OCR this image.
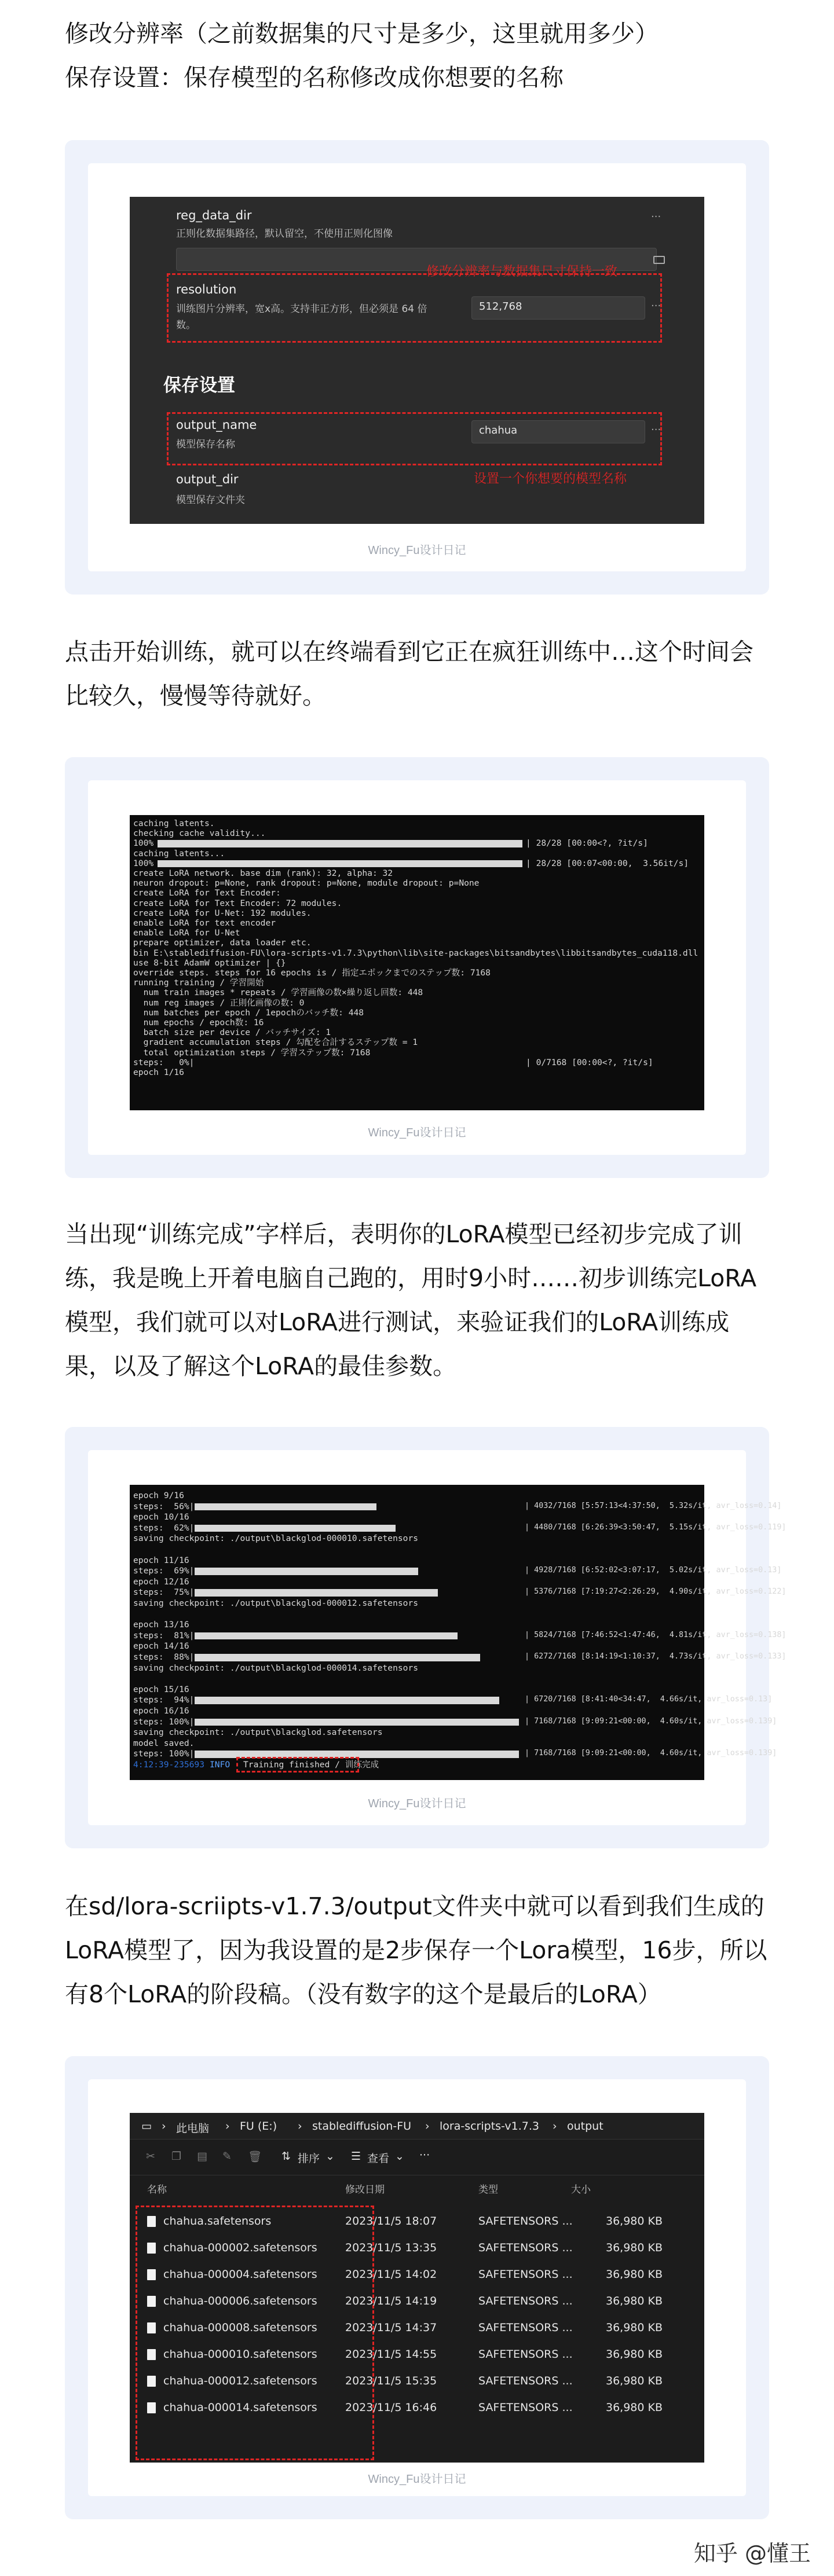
修改分辨率（之前数据集的尺寸是多少，这里就用多少）

保存设置：保存模型的名称修改成你想要的名称

reg_data_dir
正则化数据集路径，默认留空，不使用正则化图像
···
修改分辨率与数据集尺寸保持一致
resolution
训练图片分辨率，宽x高。支持非正方形，但必须是 64 倍
数。
512,768	···
保存设置
output_name
模型保存名称
chahua	···
设置一个你想要的模型名称
output_dir
模型保存文件夹
Wincy_Fu设计日记

点击开始训练，就可以在终端看到它正在疯狂训练中…这个时间会

比较久，慢慢等待就好。

caching latents.
checking cache validity...
100%
caching latents...
100%
create LoRA network. base dim (rank): 32, alpha: 32
neuron dropout: p=None, rank dropout: p=None, module dropout: p=None
create LoRA for Text Encoder:
create LoRA for Text Encoder: 72 modules.
create LoRA for U-Net: 192 modules.
enable LoRA for text encoder
enable LoRA for U-Net
prepare optimizer, data loader etc.
bin E:\stablediffusion-FU\lora-scripts-v1.7.3\python\lib\site-packages\bitsandbytes\libbitsandbytes_cuda118.dll
use 8-bit AdamW optimizer | {}
override steps. steps for 16 epochs is / 指定エポックまでのステップ数: 7168
running training / 学習開始
num train images * repeats / 学習画像の数×繰り返し回数: 448
num reg images / 正則化画像の数: 0
num batches per epoch / 1epochのバッチ数: 448
num epochs / epoch数: 16
batch size per device / バッチサイズ: 1
gradient accumulation steps / 勾配を合計するステップ数 = 1
total optimization steps / 学習ステップ数: 7168
steps:   0%|
epoch 1/16
| 28/28 [00:00<?, ?it/s]
| 28/28 [00:07<00:00,  3.56it/s]
| 0/7168 [00:00<?, ?it/s]
Wincy_Fu设计日记

当出现“训练完成”字样后，表明你的LoRA模型已经初步完成了训

练，我是晚上开着电脑自己跑的，用时9小时……初步训练完LoRA

模型，我们就可以对LoRA进行测试，来验证我们的LoRA训练成

果，以及了解这个LoRA的最佳参数。

epoch 9/16
steps:  56%|	| 4032/7168 [5:57:13<4:37:50,  5.32s/it, avr_loss=0.14]
epoch 10/16
steps:  62%|	| 4480/7168 [6:26:39<3:50:47,  5.15s/it, avr_loss=0.119]
saving checkpoint: ./output\blackglod-000010.safetensors
epoch 11/16
steps:  69%|	| 4928/7168 [6:52:02<3:07:17,  5.02s/it, avr_loss=0.13]
epoch 12/16
steps:  75%|	| 5376/7168 [7:19:27<2:26:29,  4.90s/it, avr_loss=0.122]
saving checkpoint: ./output\blackglod-000012.safetensors
epoch 13/16
steps:  81%|	| 5824/7168 [7:46:52<1:47:46,  4.81s/it, avr_loss=0.138]
epoch 14/16
steps:  88%|	| 6272/7168 [8:14:19<1:10:37,  4.73s/it, avr_loss=0.133]
saving checkpoint: ./output\blackglod-000014.safetensors
epoch 15/16
steps:  94%|	| 6720/7168 [8:41:40<34:47,  4.66s/it, avr_loss=0.13]
epoch 16/16
steps: 100%|	| 7168/7168 [9:09:21<00:00,  4.60s/it, avr_loss=0.139]
saving checkpoint: ./output\blackglod.safetensors
model saved.
steps: 100%|	| 7168/7168 [9:09:21<00:00,  4.60s/it, avr_loss=0.139]
4:12:39-235693 INFO Training finished / 训练完成
Wincy_Fu设计日记

在sd/lora-scriipts-v1.7.3/output文件夹中就可以看到我们生成的

LoRA模型了，因为我设置的是2步保存一个Lora模型，16步，所以

有8个LoRA的阶段稿。（没有数字的这个是最后的LoRA）

▭ › 此电脑 › FU (E:) › stablediffusion-FU › lora-scripts-v1.7.3 › output
✂ ❐ ▤ ✎ 🗑 ⇅ 排序 ⌄ ☰ 查看 ⌄ ···
名称	修改日期	类型	大小
chahua.safetensors	2023/11/5 18:07	SAFETENSORS ...	36,980 KB
chahua-000002.safetensors	2023/11/5 13:35	SAFETENSORS ...	36,980 KB
chahua-000004.safetensors	2023/11/5 14:02	SAFETENSORS ...	36,980 KB
chahua-000006.safetensors	2023/11/5 14:19	SAFETENSORS ...	36,980 KB
chahua-000008.safetensors	2023/11/5 14:37	SAFETENSORS ...	36,980 KB
chahua-000010.safetensors	2023/11/5 14:55	SAFETENSORS ...	36,980 KB
chahua-000012.safetensors	2023/11/5 15:35	SAFETENSORS ...	36,980 KB
chahua-000014.safetensors	2023/11/5 16:46	SAFETENSORS ...	36,980 KB
Wincy_Fu设计日记
知乎 @懂王
